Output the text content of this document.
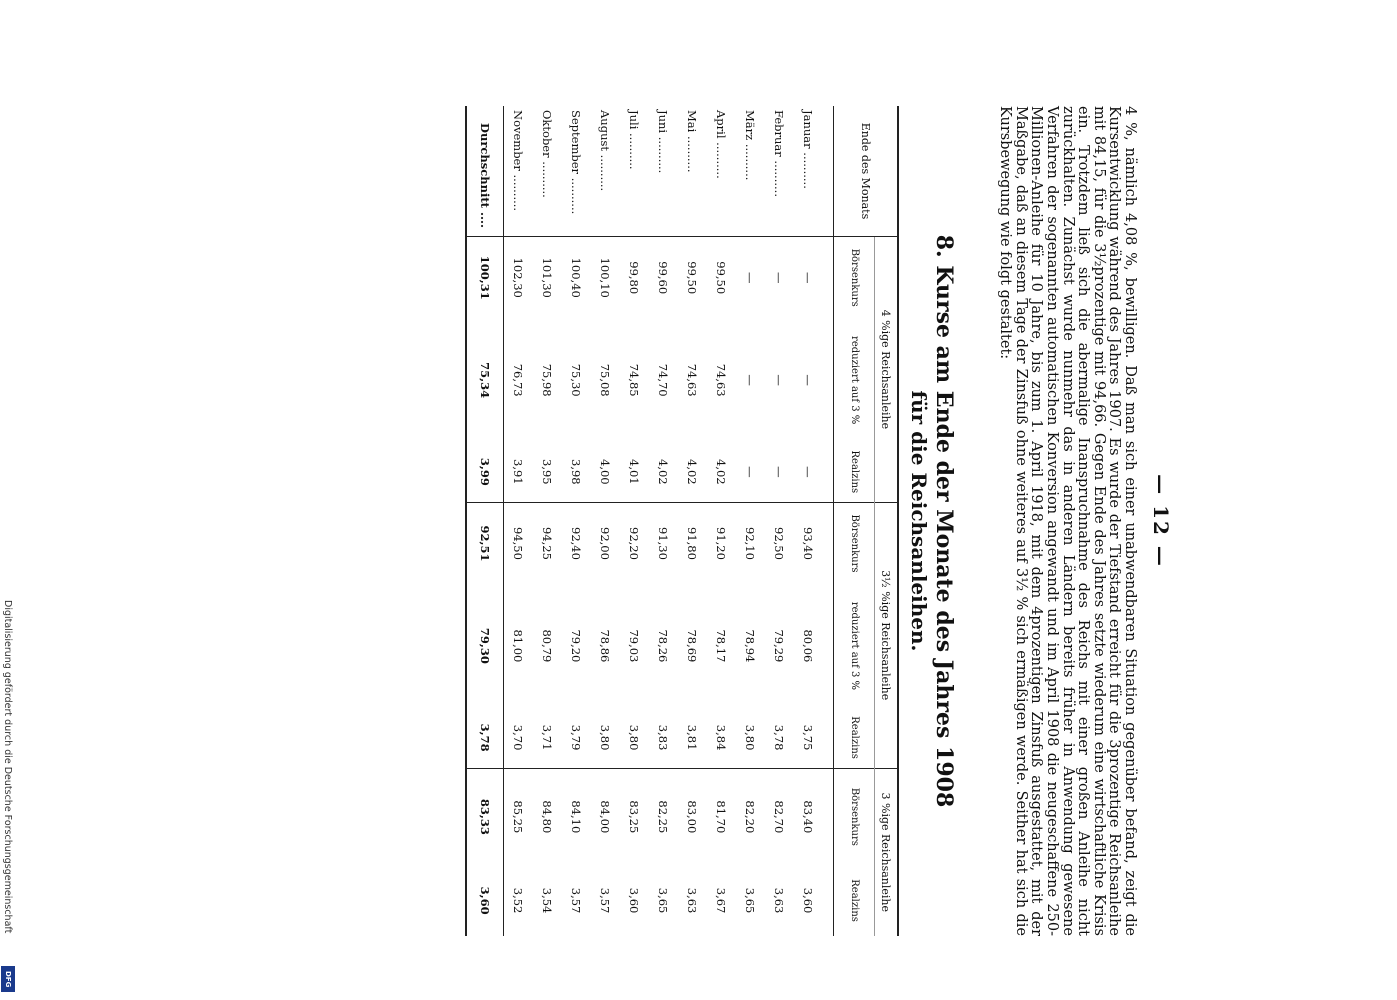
Digitalisierung gefördert durch die Deutsche Forschungsgemeinschaft
DFG
— 12 —
4 %, nämlich 4,08 %, bewilligen. Daß man sich einer unabwendbaren Situation gegenüber befand, zeigt die Kursentwicklung während des Jahres 1907. Es wurde der Tiefstand erreicht für die 3prozentige Reichsanleihe mit 84,15, für die 3½prozentige mit 94,66. Gegen Ende des Jahres setzte wiederum eine wirtschaftliche Krisis ein. Trotzdem ließ sich die abermalige Inanspruchnahme des Reichs mit einer großen Anleihe nicht zurückhalten. Zunächst wurde nunmehr das in anderen Ländern bereits früher in Anwendung gewesene Verfahren der sogenannten automatischen Konversion angewandt und im April 1908 die neugeschaffene 250-Millionen-Anleihe für 10 Jahre, bis zum 1. April 1918, mit dem 4prozentigen Zinsfuß ausgestattet, mit der Maßgabe, daß an diesem Tage der Zinsfuß ohne weiteres auf 3½ % sich ermäßigen werde. Seither hat sich die Kursbewegung wie folgt gestaltet:
8. Kurse am Ende der Monate des Jahres 1908
für die Reichsanleihen.
Ende des Monats	4 %ige Reichsanleihe			3½ %ige Reichsanleihe			3 %ige Reichsanleihe	
	Börsenkurs	reduziert auf 3 %	Realzins	Börsenkurs	reduziert auf 3 %	Realzins	Börsenkurs	Realzins
Januar ..........	—	—	—	93,40	80,06	3,75	83,40	3,60
Februar ..........	—	—	—	92,50	79,29	3,78	82,70	3,63
März ..........	—	—	—	92,10	78,94	3,80	82,20	3,65
April ..........	99,50	74,63	4,02	91,20	78,17	3,84	81,70	3,67
Mai ..........	99,50	74,63	4,02	91,80	78,69	3,81	83,00	3,63
Juni ..........	99,60	74,70	4,02	91,30	78,26	3,83	82,25	3,65
Juli ..........	99,80	74,85	4,01	92,20	79,03	3,80	83,25	3,60
August ..........	100,10	75,08	4,00	92,00	78,86	3,80	84,00	3,57
September ..........	100,40	75,30	3,98	92,40	79,20	3,79	84,10	3,57
Oktober ..........	101,30	75,98	3,95	94,25	80,79	3,71	84,80	3,54
November ..........	102,30	76,73	3,91	94,50	81,00	3,70	85,25	3,52
Durchschnitt ....	100,31	75,34	3,99	92,51	79,30	3,78	83,33	3,60
